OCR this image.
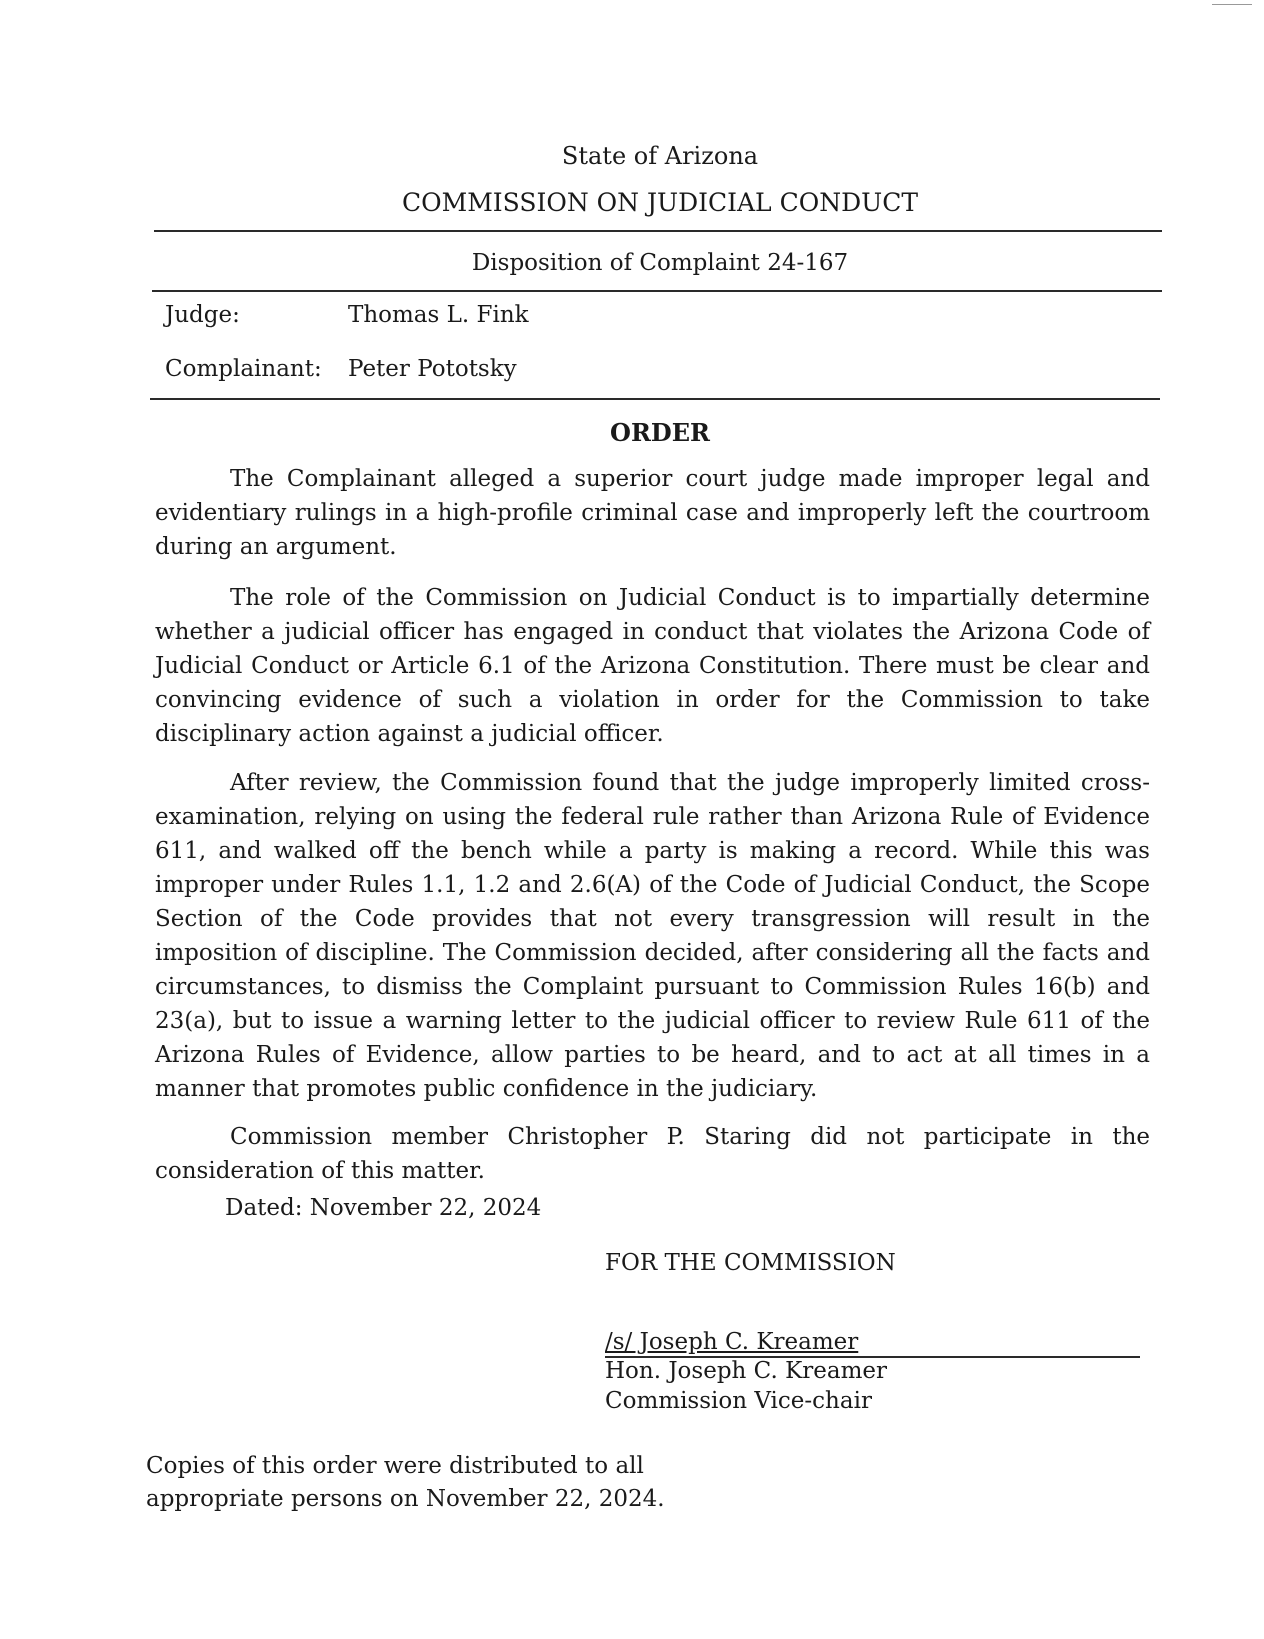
State of Arizona
COMMISSION ON JUDICIAL CONDUCT
Disposition of Complaint 24-167
Judge:	Thomas L. Fink
Complainant: Peter Pototsky
ORDER

The Complainant alleged a superior court judge made improper legal and evidentiary rulings in a high-profile criminal case and improperly left the courtroom during an argument.

The role of the Commission on Judicial Conduct is to impartially determine whether a judicial officer has engaged in conduct that violates the Arizona Code of Judicial Conduct or Article 6.1 of the Arizona Constitution. There must be clear and convincing evidence of such a violation in order for the Commission to take disciplinary action against a judicial officer.

After review, the Commission found that the judge improperly limited cross-examination, relying on using the federal rule rather than Arizona Rule of Evidence 611, and walked off the bench while a party is making a record. While this was improper under Rules 1.1, 1.2 and 2.6(A) of the Code of Judicial Conduct, the Scope Section of the Code provides that not every transgression will result in the imposition of discipline. The Commission decided, after considering all the facts and circumstances, to dismiss the Complaint pursuant to Commission Rules 16(b) and 23(a), but to issue a warning letter to the judicial officer to review Rule 611 of the Arizona Rules of Evidence, allow parties to be heard, and to act at all times in a manner that promotes public confidence in the judiciary.

Commission member Christopher P. Staring did not participate in the consideration of this matter.

Dated: November 22, 2024
FOR THE COMMISSION
/s/ Joseph C. Kreamer
Hon. Joseph C. Kreamer
Commission Vice-chair
Copies of this order were distributed to all
appropriate persons on November 22, 2024.
